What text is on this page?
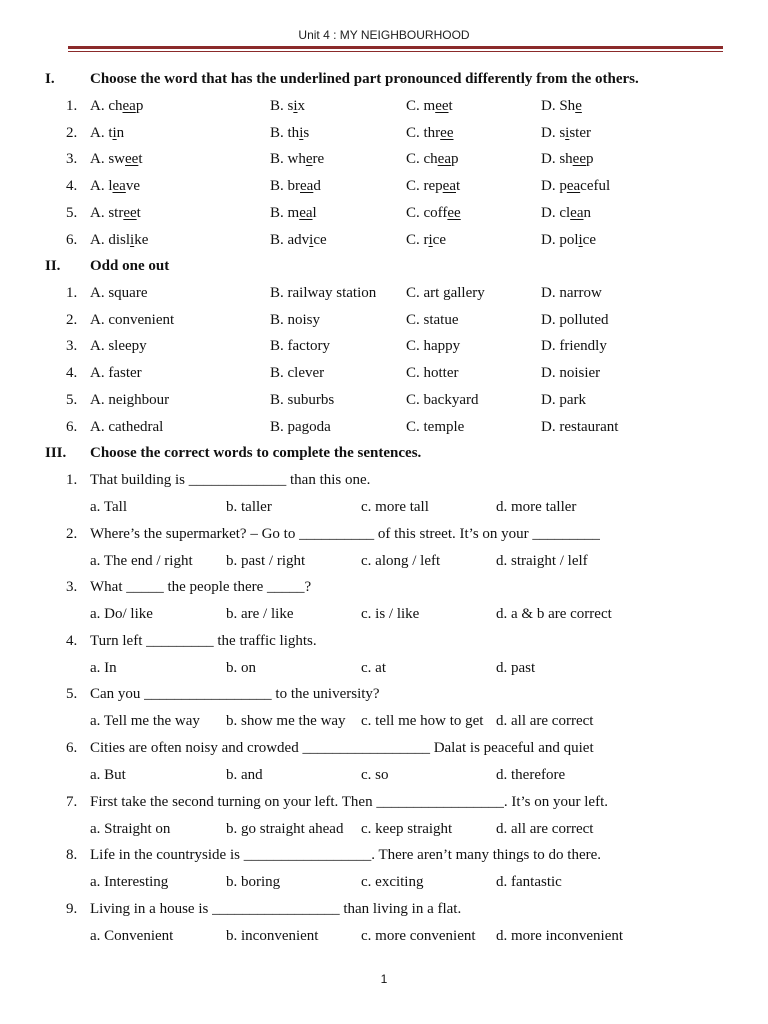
Unit 4 : MY NEIGHBOURHOOD
I. Choose the word that has the underlined part pronounced differently from the others.
1. A. cheap	B. six	C. meet	D. She
2. A. tin	B. this	C. three	D. sister
3. A. sweet	B. where	C. cheap	D. sheep
4. A. leave	B. bread	C. repeat	D. peaceful
5. A. street	B. meal	C. coffee	D. clean
6. A. dislike	B. advice	C. rice	D. police
II. Odd one out
1. A. square	B. railway station C. art gallery	D. narrow
2. A. convenient	B. noisy	C. statue	D. polluted
3. A. sleepy	B. factory	C. happy	D. friendly
4. A. faster	B. clever	C. hotter	D. noisier
5. A. neighbour	B. suburbs	C. backyard	D. park
6. A. cathedral	B. pagoda	C. temple	D. restaurant
III. Choose the correct words to complete the sentences.
1. That building is _____________ than this one.
a. Tall	b. taller	c. more tall	d. more taller
2. Where’s the supermarket? – Go to __________ of this street. It’s on your _________
a. The end / right b. past / right	c. along / left	d. straight / lelf
3. What _____ the people there _____?
a. Do/ like	b. are / like	c. is / like	d. a & b are correct
4. Turn left _________ the traffic lights.
a. In	b. on	c. at	d. past
5. Can you _________________ to the university?
a. Tell me the way b. show me the way c. tell me how to get d. all are correct
6. Cities are often noisy and crowded _________________ Dalat is peaceful and quiet
a. But	b. and	c. so	d. therefore
7. First take the second turning on your left. Then _________________. It’s on your left.
a. Straight on	b. go straight ahead c. keep straight	d. all are correct
8. Life in the countryside is _________________. There aren’t many things to do there.
a. Interesting	b. boring	c. exciting	d. fantastic
9. Living in a house is _________________ than living in a flat.
a. Convenient	b. inconvenient	c. more convenient d. more inconvenient
1
